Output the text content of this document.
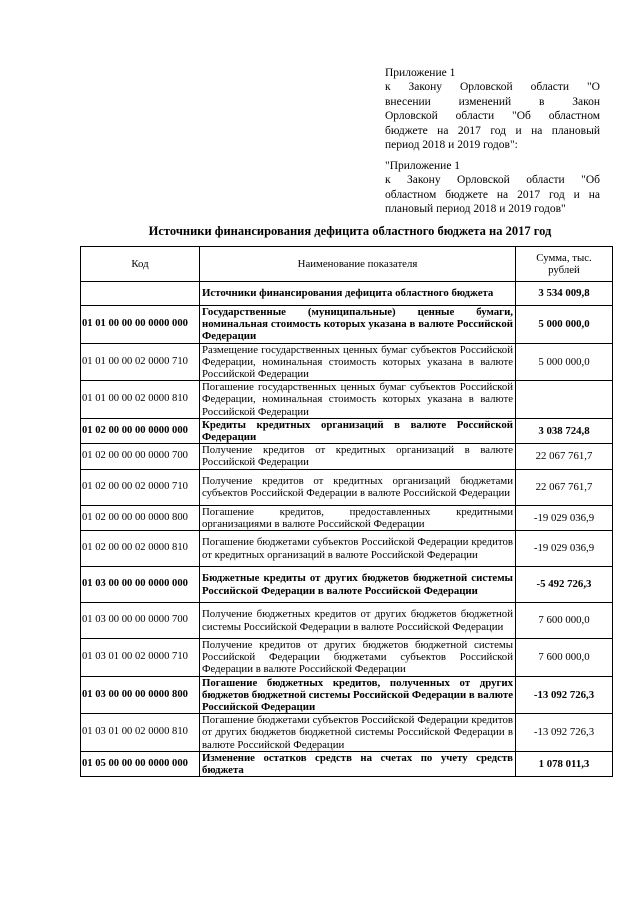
Приложение 1
к Закону Орловской области "О
внесении изменений в Закон
Орловской области "Об областном
бюджете на 2017 год и на плановый
период 2018 и 2019 годов":
"Приложение 1
к Закону Орловской области "Об
областном бюджете на 2017 год и на
плановый период 2018 и 2019 годов"
Источники финансирования дефицита областного бюджета на 2017 год
Код	Наименование показателя	Сумма, тыс. рублей
	Источники финансирования дефицита областного бюджета	3 534 009,8
01 01 00 00 00 0000 000	Государственные (муниципальные) ценные бумаги, номинальная стоимость которых указана в валюте Российской Федерации	5 000 000,0
01 01 00 00 02 0000 710	Размещение государственных ценных бумаг субъектов Российской Федерации, номинальная стоимость которых указана в валюте Российской Федерации	5 000 000,0
01 01 00 00 02 0000 810	Погашение государственных ценных бумаг субъектов Российской Федерации, номинальная стоимость которых указана в валюте Российской Федерации	
01 02 00 00 00 0000 000	Кредиты кредитных организаций в валюте Российской Федерации	3 038 724,8
01 02 00 00 00 0000 700	Получение кредитов от кредитных организаций в валюте Российской Федерации	22 067 761,7
01 02 00 00 02 0000 710	Получение кредитов от кредитных организаций бюджетами субъектов Российской Федерации в валюте Российской Федерации	22 067 761,7
01 02 00 00 00 0000 800	Погашение кредитов, предоставленных кредитными организациями в валюте Российской Федерации	-19 029 036,9
01 02 00 00 02 0000 810	Погашение бюджетами субъектов Российской Федерации кредитов от кредитных организаций в валюте Российской Федерации	-19 029 036,9
01 03 00 00 00 0000 000	Бюджетные кредиты от других бюджетов бюджетной системы Российской Федерации в валюте Российской Федерации	-5 492 726,3
01 03 00 00 00 0000 700	Получение бюджетных кредитов от других бюджетов бюджетной системы Российской Федерации в валюте Российской Федерации	7 600 000,0
01 03 01 00 02 0000 710	Получение кредитов от других бюджетов бюджетной системы Российской Федерации бюджетами субъектов Российской Федерации в валюте Российской Федерации	7 600 000,0
01 03 00 00 00 0000 800	Погашение бюджетных кредитов, полученных от других бюджетов бюджетной системы Российской Федерации в валюте Российской Федерации	-13 092 726,3
01 03 01 00 02 0000 810	Погашение бюджетами субъектов Российской Федерации кредитов от других бюджетов бюджетной системы Российской Федерации в валюте Российской Федерации	-13 092 726,3
01 05 00 00 00 0000 000	Изменение остатков средств на счетах по учету средств бюджета	1 078 011,3
